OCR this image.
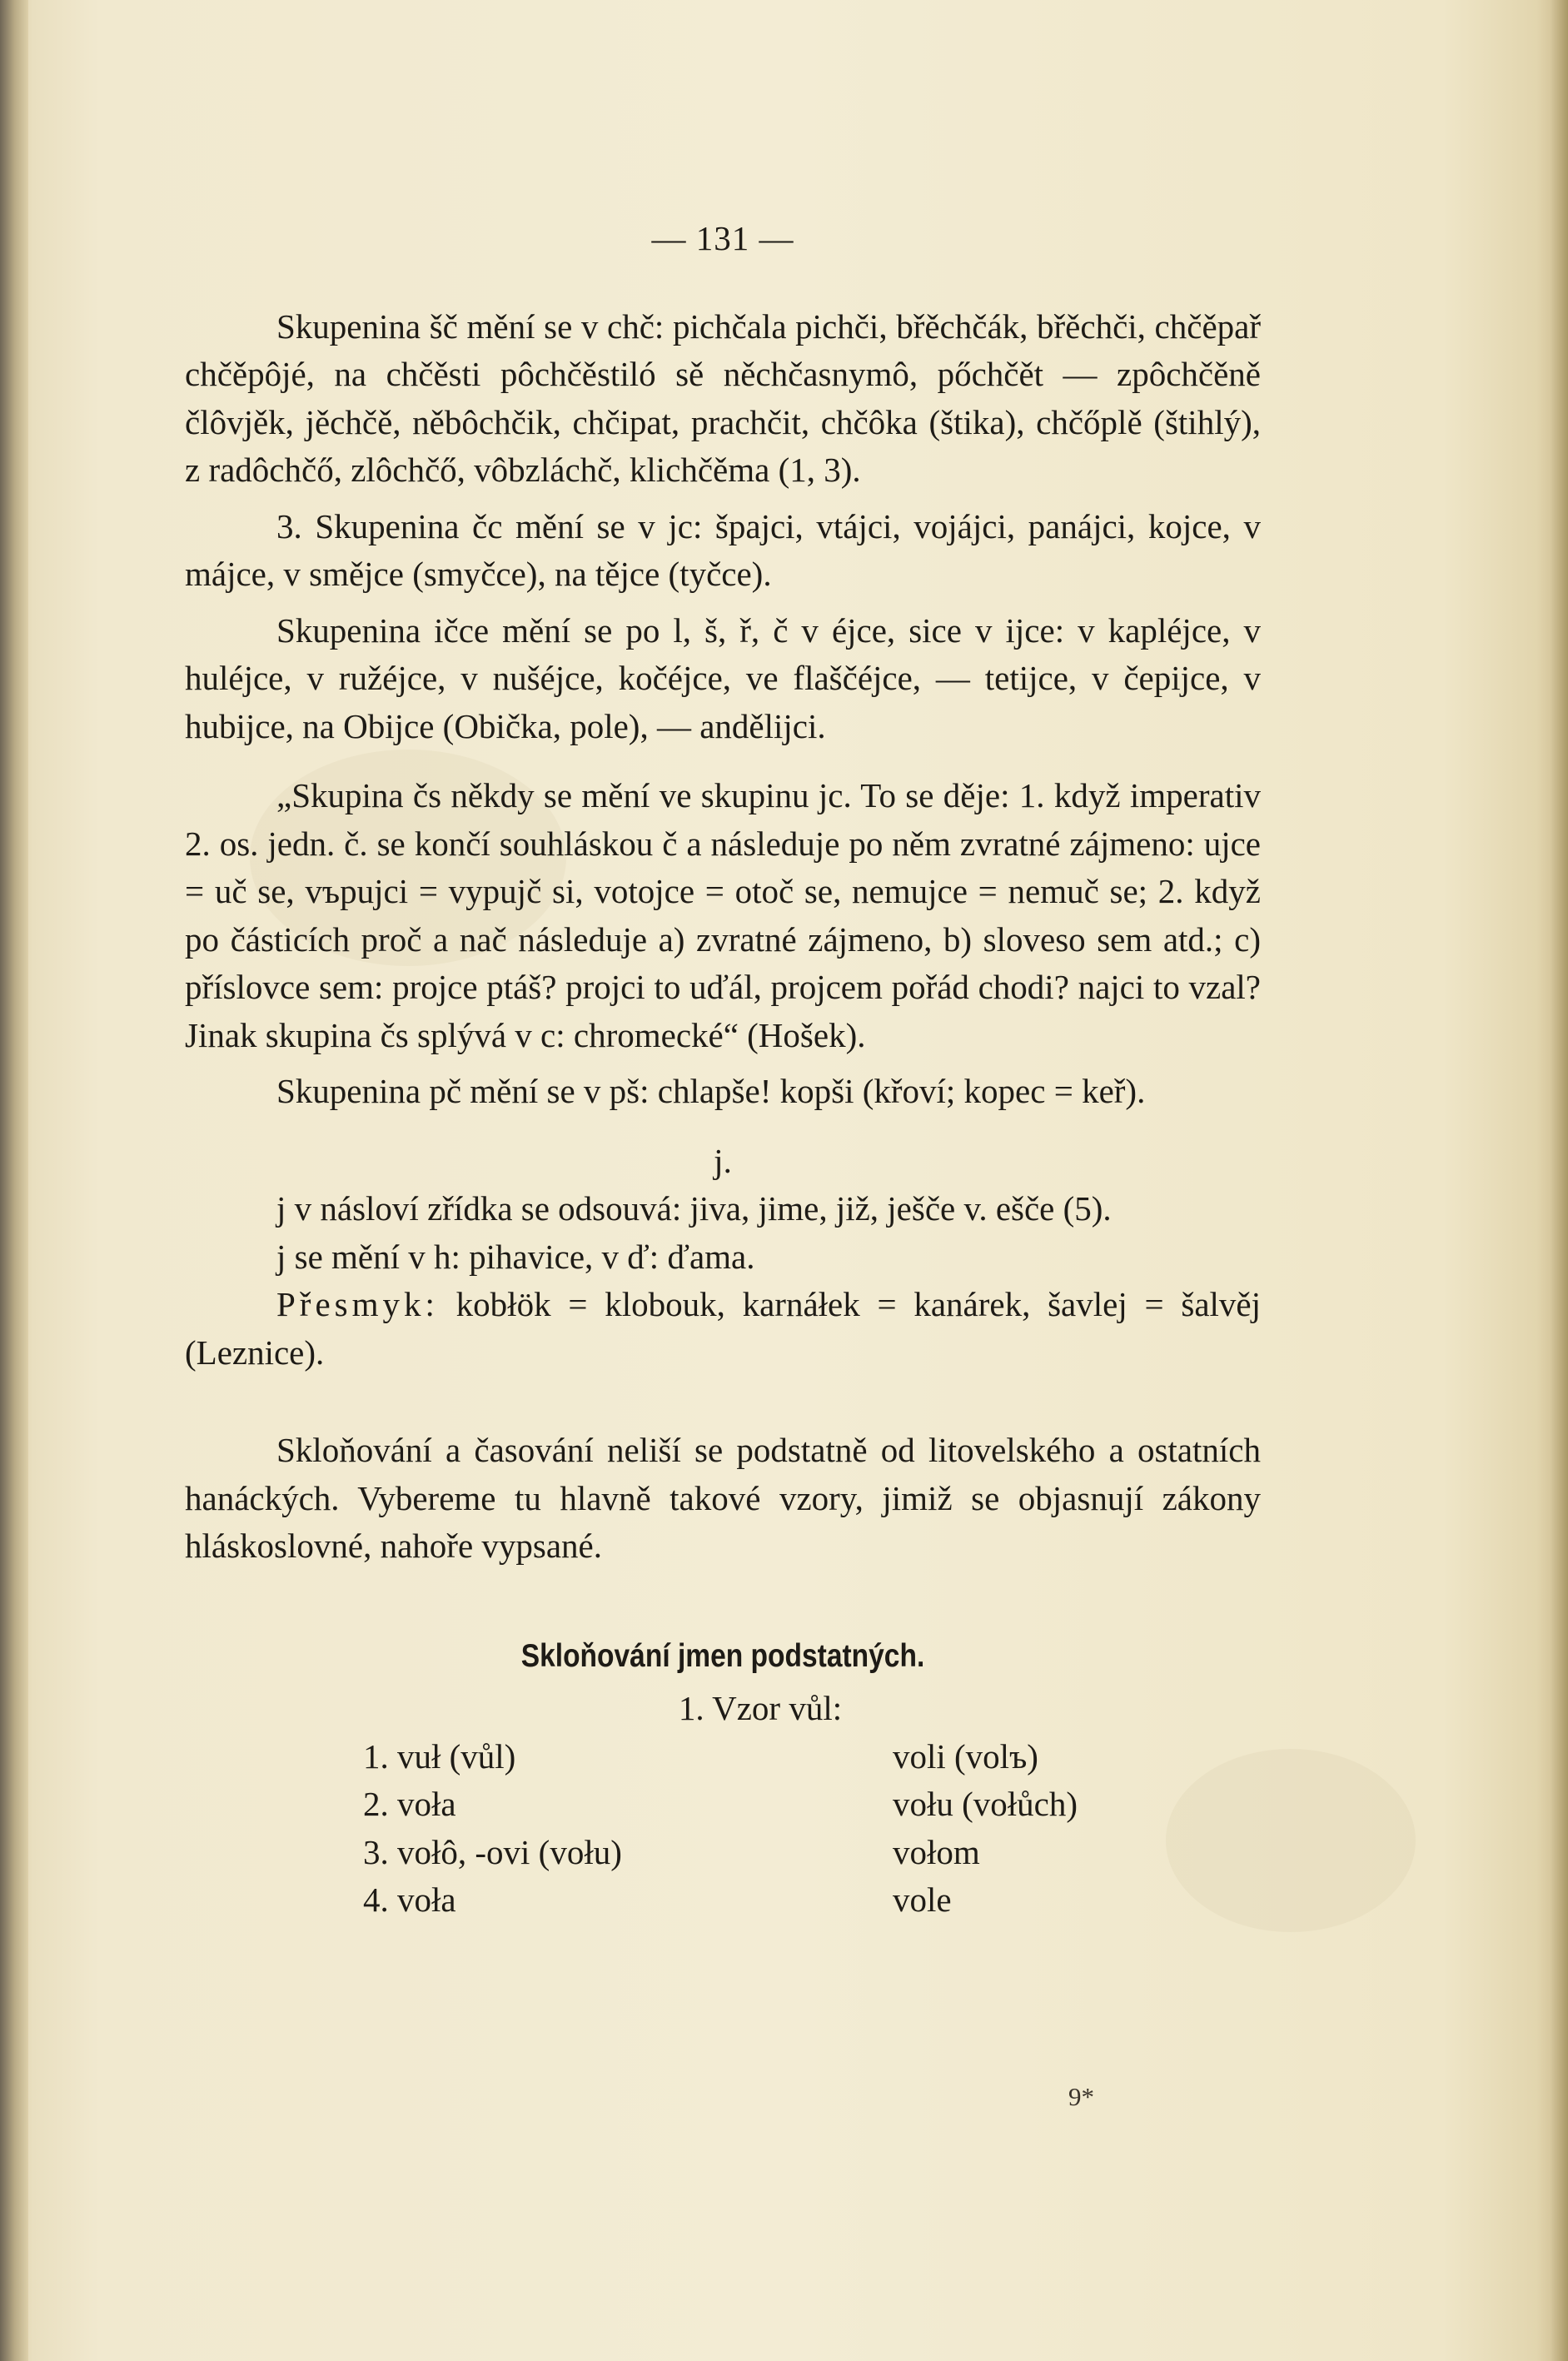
— 131 —

Skupenina šč mění se v chč: pichčala pichči, břěchčák, břěchči, chčěpař chčěpôjé, na chčěsti pôchčěstiló sě něchčasnymô, pőchčět — zpôchčěně člôvjěk, jěchčě, něbôchčik, chčipat, prachčit, chčôka (štika), chčőplě (štihlý), z radôchčő, zlôchčő, vôbzláchč, klichčěma (1, 3).

3. Skupenina čc mění se v jc: špajci, vtájci, vojájci, panájci, kojce, v májce, v smějce (smyčce), na tějce (tyčce).

Skupenina ičce mění se po l, š, ř, č v éjce, sice v ijce: v kapléjce, v huléjce, v ružéjce, v nušéjce, kočéjce, ve flaščéjce, — tetijce, v čepijce, v hubijce, na Obijce (Obička, pole), — andělijci.

„Skupina čs někdy se mění ve skupinu jc. To se děje: 1. když imperativ 2. os. jedn. č. se končí souhláskou č a následuje po něm zvratné zájmeno: ujce = uč se, vъpujci = vypujč si, votojce = otoč se, nemujce = nemuč se; 2. když po částicích proč a nač následuje a) zvratné zájmeno, b) sloveso sem atd.; c) příslovce sem: projce ptáš? projci to uďál, projcem pořád chodi? najci to vzal? Jinak skupina čs splývá v c: chromecké“ (Hošek).

Skupenina pč mění se v pš: chlapše! kopši (křoví; kopec = keř).

j.

j v násloví zřídka se odsouvá: jiva, jime, již, ješče v. ešče (5).

j se mění v h: pihavice, v ď: ďama.

Přesmyk: kobłök = klobouk, karnáłek = kanárek, šavlej = šalvěj (Leznice).

Skloňování a časování neliší se podstatně od litovelského a ostatních hanáckých. Vybereme tu hlavně takové vzory, jimiž se objasnují zákony hláskoslovné, nahoře vypsané.

Skloňování jmen podstatných.
1. Vzor vůl:
1. vuł (vůl)	voli (volъ)
2. voła	vołu (vołůch)
3. vołô, -ovi (vołu)	vołom
4. voła	vole
9*
